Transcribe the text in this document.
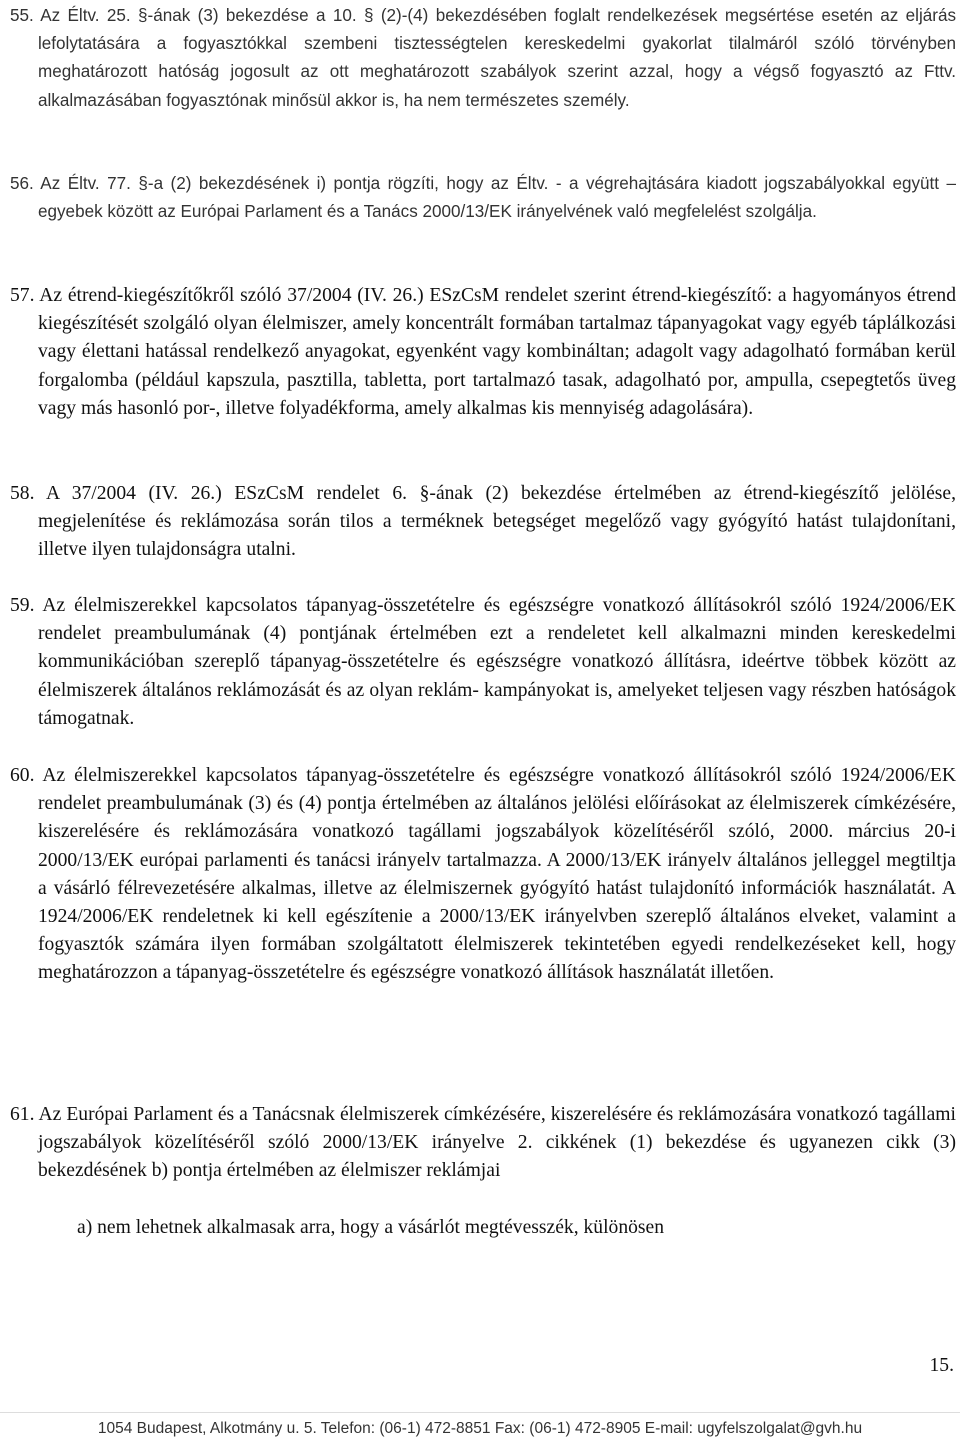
55. Az Éltv. 25. §-ának (3) bekezdése a 10. § (2)-(4) bekezdésében foglalt rendelkezések megsértése esetén az eljárás lefolytatására a fogyasztókkal szembeni tisztességtelen kereskedelmi gyakorlat tilalmáról szóló törvényben meghatározott hatóság jogosult az ott meghatározott szabályok szerint azzal, hogy a végső fogyasztó az Fttv. alkalmazásában fogyasztónak minősül akkor is, ha nem természetes személy.
56. Az Éltv. 77. §-a (2) bekezdésének i) pontja rögzíti, hogy az Éltv. - a végrehajtására kiadott jogszabályokkal együtt – egyebek között az Európai Parlament és a Tanács 2000/13/EK irányelvének való megfelelést szolgálja.
57. Az étrend-kiegészítőkről szóló 37/2004 (IV. 26.) ESzCsM rendelet szerint étrend-kiegészítő: a hagyományos étrend kiegészítését szolgáló olyan élelmiszer, amely koncentrált formában tartalmaz tápanyagokat vagy egyéb táplálkozási vagy élettani hatással rendelkező anyagokat, egyenként vagy kombináltan; adagolt vagy adagolható formában kerül forgalomba (például kapszula, pasztilla, tabletta, port tartalmazó tasak, adagolható por, ampulla, csepegtetős üveg vagy más hasonló por-, illetve folyadékforma, amely alkalmas kis mennyiség adagolására).
58. A 37/2004 (IV. 26.) ESzCsM rendelet 6. §-ának (2) bekezdése értelmében az étrend-kiegészítő jelölése, megjelenítése és reklámozása során tilos a terméknek betegséget megelőző vagy gyógyító hatást tulajdonítani, illetve ilyen tulajdonságra utalni.
59. Az élelmiszerekkel kapcsolatos tápanyag-összetételre és egészségre vonatkozó állításokról szóló 1924/2006/EK rendelet preambulumának (4) pontjának értelmében ezt a rendeletet kell alkalmazni minden kereskedelmi kommunikációban szereplő tápanyag-összetételre és egészségre vonatkozó állításra, ideértve többek között az élelmiszerek általános reklámozását és az olyan reklám- kampányokat is, amelyeket teljesen vagy részben hatóságok támogatnak.
60. Az élelmiszerekkel kapcsolatos tápanyag-összetételre és egészségre vonatkozó állításokról szóló 1924/2006/EK rendelet preambulumának (3) és (4) pontja értelmében az általános jelölési előírásokat az élelmiszerek címkézésére, kiszerelésére és reklámozására vonatkozó tagállami jogszabályok közelítéséről szóló, 2000. március 20-i 2000/13/EK európai parlamenti és tanácsi irányelv tartalmazza. A 2000/13/EK irányelv általános jelleggel megtiltja a vásárló félrevezetésére alkalmas, illetve az élelmiszernek gyógyító hatást tulajdonító információk használatát. A 1924/2006/EK rendeletnek ki kell egészítenie a 2000/13/EK irányelvben szereplő általános elveket, valamint a fogyasztók számára ilyen formában szolgáltatott élelmiszerek tekintetében egyedi rendelkezéseket kell, hogy meghatározzon a tápanyag-összetételre és egészségre vonatkozó állítások használatát illetően.
61. Az Európai Parlament és a Tanácsnak élelmiszerek címkézésére, kiszerelésére és reklámozására vonatkozó tagállami jogszabályok közelítéséről szóló 2000/13/EK irányelve 2. cikkének (1) bekezdése és ugyanezen cikk (3) bekezdésének b) pontja értelmében az élelmiszer reklámjai
a) nem lehetnek alkalmasak arra, hogy a vásárlót megtévesszék, különösen
15.
1054 Budapest, Alkotmány u. 5. Telefon: (06-1) 472-8851 Fax: (06-1) 472-8905 E-mail: ugyfelszolgalat@gvh.hu
